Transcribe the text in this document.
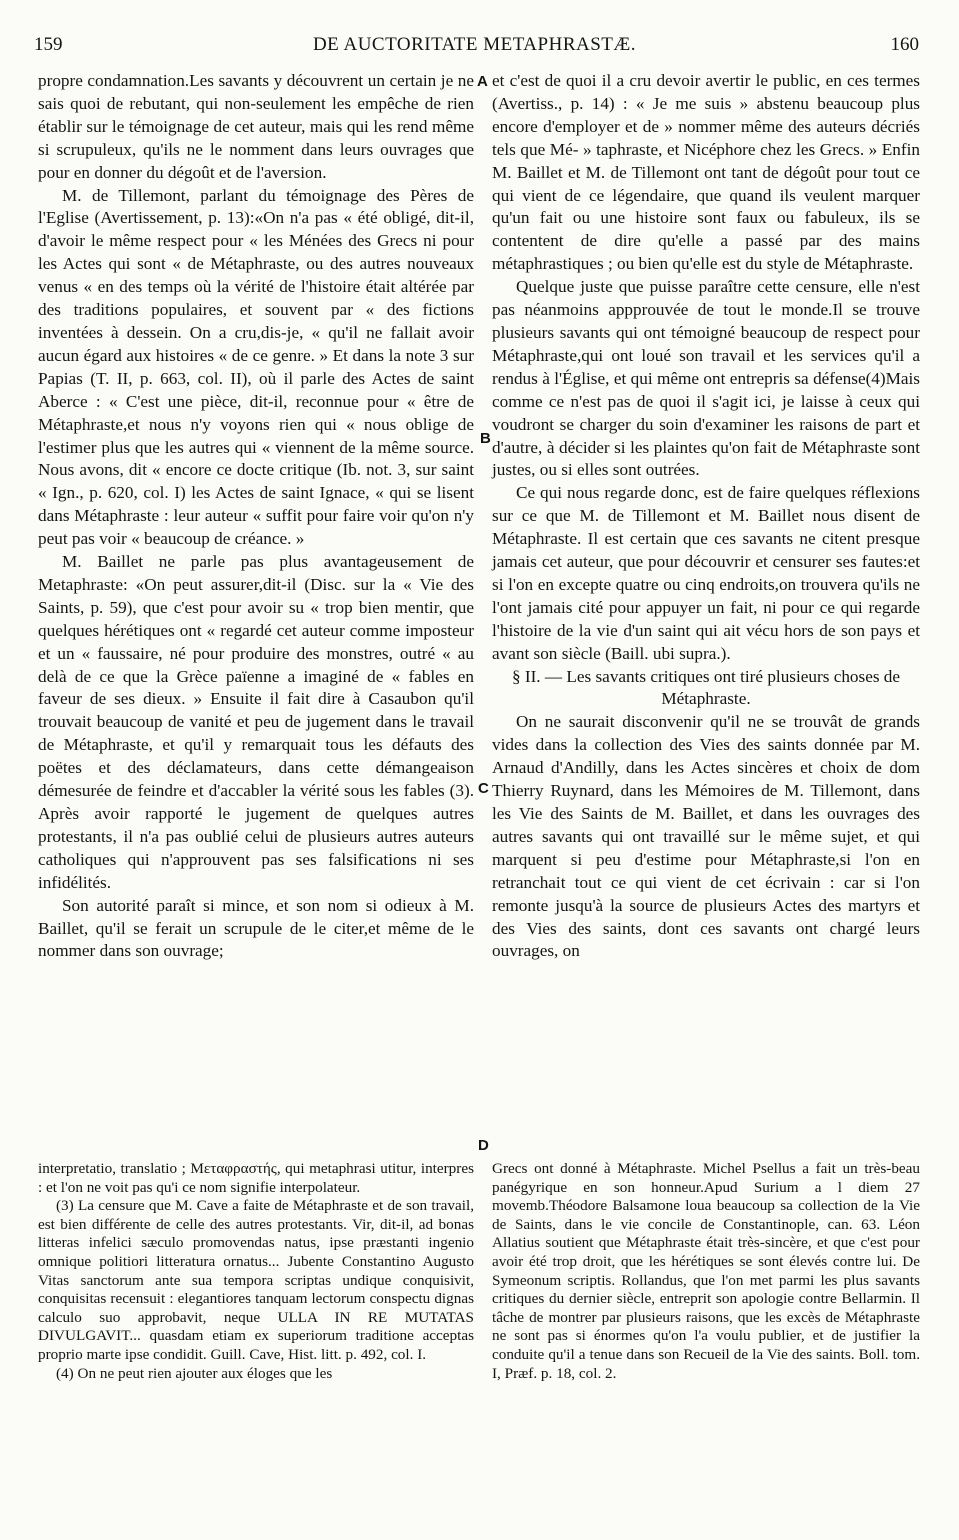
159	DE AUCTORITATE METAPHRASTÆ.	160

propre condamnation.Les savants y découvrent un certain je ne sais quoi de rebutant, qui non-seulement les empêche de rien établir sur le témoignage de cet auteur, mais qui les rend même si scrupuleux, qu'ils ne le nomment dans leurs ouvrages que pour en donner du dégoût et de l'aversion.

M. de Tillemont, parlant du témoignage des Pères de l'Eglise (Avertissement, p. 13):«On n'a pas « été obligé, dit-il, d'avoir le même respect pour « les Ménées des Grecs ni pour les Actes qui sont « de Métaphraste, ou des autres nouveaux venus « en des temps où la vérité de l'histoire était altérée par des traditions populaires, et souvent par « des fictions inventées à dessein. On a cru,dis-je, « qu'il ne fallait avoir aucun égard aux histoires « de ce genre. » Et dans la note 3 sur Papias (T. II, p. 663, col. II), où il parle des Actes de saint Aberce : « C'est une pièce, dit-il, reconnue pour « être de Métaphraste,et nous n'y voyons rien qui « nous oblige de l'estimer plus que les autres qui « viennent de la même source. Nous avons, dit « encore ce docte critique (Ib. not. 3, sur saint « Ign., p. 620, col. I) les Actes de saint Ignace, « qui se lisent dans Métaphraste : leur auteur « suffit pour faire voir qu'on n'y peut pas voir « beaucoup de créance. »

M. Baillet ne parle pas plus avantageusement de Metaphraste: «On peut assurer,dit-il (Disc. sur la « Vie des Saints, p. 59), que c'est pour avoir su « trop bien mentir, que quelques hérétiques ont « regardé cet auteur comme imposteur et un « faussaire, né pour produire des monstres, outré « au delà de ce que la Grèce païenne a imaginé de « fables en faveur de ses dieux. » Ensuite il fait dire à Casaubon qu'il trouvait beaucoup de vanité et peu de jugement dans le travail de Métaphraste, et qu'il y remarquait tous les défauts des poëtes et des déclamateurs, dans cette démangeaison démesurée de feindre et d'accabler la vérité sous les fables (3). Après avoir rapporté le jugement de quelques autres protestants, il n'a pas oublié celui de plusieurs autres auteurs catholiques qui n'approuvent pas ses falsifications ni ses infidélités.

Son autorité paraît si mince, et son nom si odieux à M. Baillet, qu'il se ferait un scrupule de le citer,et même de le nommer dans son ouvrage;

A
B
C
D

et c'est de quoi il a cru devoir avertir le public, en ces termes (Avertiss., p. 14) : « Je me suis » abstenu beaucoup plus encore d'employer et de » nommer même des auteurs décriés tels que Mé- » taphraste, et Nicéphore chez les Grecs. » Enfin M. Baillet et M. de Tillemont ont tant de dégoût pour tout ce qui vient de ce légendaire, que quand ils veulent marquer qu'un fait ou une histoire sont faux ou fabuleux, ils se contentent de dire qu'elle a passé par des mains métaphrastiques ; ou bien qu'elle est du style de Métaphraste.

Quelque juste que puisse paraître cette censure, elle n'est pas néanmoins appprouvée de tout le monde.Il se trouve plusieurs savants qui ont témoigné beaucoup de respect pour Métaphraste,qui ont loué son travail et les services qu'il a rendus à l'Église, et qui même ont entrepris sa défense(4)Mais comme ce n'est pas de quoi il s'agit ici, je laisse à ceux qui voudront se charger du soin d'examiner les raisons de part et d'autre, à décider si les plaintes qu'on fait de Métaphraste sont justes, ou si elles sont outrées.

Ce qui nous regarde donc, est de faire quelques réflexions sur ce que M. de Tillemont et M. Baillet nous disent de Métaphraste. Il est certain que ces savants ne citent presque jamais cet auteur, que pour découvrir et censurer ses fautes:et si l'on en excepte quatre ou cinq endroits,on trouvera qu'ils ne l'ont jamais cité pour appuyer un fait, ni pour ce qui regarde l'histoire de la vie d'un saint qui ait vécu hors de son pays et avant son siècle (Baill. ubi supra.).

§ II. — Les savants critiques ont tiré plusieurs choses de Métaphraste.

On ne saurait disconvenir qu'il ne se trouvât de grands vides dans la collection des Vies des saints donnée par M. Arnaud d'Andilly, dans les Actes sincères et choix de dom Thierry Ruynard, dans les Mémoires de M. Tillemont, dans les Vie des Saints de M. Baillet, et dans les ouvrages des autres savants qui ont travaillé sur le même sujet, et qui marquent si peu d'estime pour Métaphraste,si l'on en retranchait tout ce qui vient de cet écrivain : car si l'on remonte jusqu'à la source de plusieurs Actes des martyrs et des Vies des saints, dont ces savants ont chargé leurs ouvrages, on

interpretatio, translatio ; Μεταφραστής, qui metaphrasi utitur, interpres : et l'on ne voit pas qu'i ce nom signifie interpolateur.

(3) La censure que M. Cave a faite de Métaphraste et de son travail, est bien différente de celle des autres protestants. Vir, dit-il, ad bonas litteras infelici sæculo promovendas natus, ipse præstanti ingenio omnique politiori litteratura ornatus... Jubente Constantino Augusto Vitas sanctorum ante sua tempora scriptas undique conquisivit, conquisitas recensuit : elegantiores tanquam lectorum conspectu dignas calculo suo approbavit, neque ULLA IN RE MUTATAS DIVULGAVIT... quasdam etiam ex superiorum traditione acceptas proprio marte ipse condidit. Guill. Cave, Hist. litt. p. 492, col. I.

(4) On ne peut rien ajouter aux éloges que les

Grecs ont donné à Métaphraste. Michel Psellus a fait un très-beau panégyrique en son honneur.Apud Surium a l diem 27 movemb.Théodore Balsamone loua beaucoup sa collection de la Vie de Saints, dans le vie concile de Constantinople, can. 63. Léon Allatius soutient que Métaphraste était très-sincère, et que c'est pour avoir été trop droit, que les hérétiques se sont élevés contre lui. De Symeonum scriptis. Rollandus, que l'on met parmi les plus savants critiques du dernier siècle, entreprit son apologie contre Bellarmin. Il tâche de montrer par plusieurs raisons, que les excès de Métaphraste ne sont pas si énormes qu'on l'a voulu publier, et de justifier la conduite qu'il a tenue dans son Recueil de la Vie des saints. Boll. tom. I, Præf. p. 18, col. 2.
